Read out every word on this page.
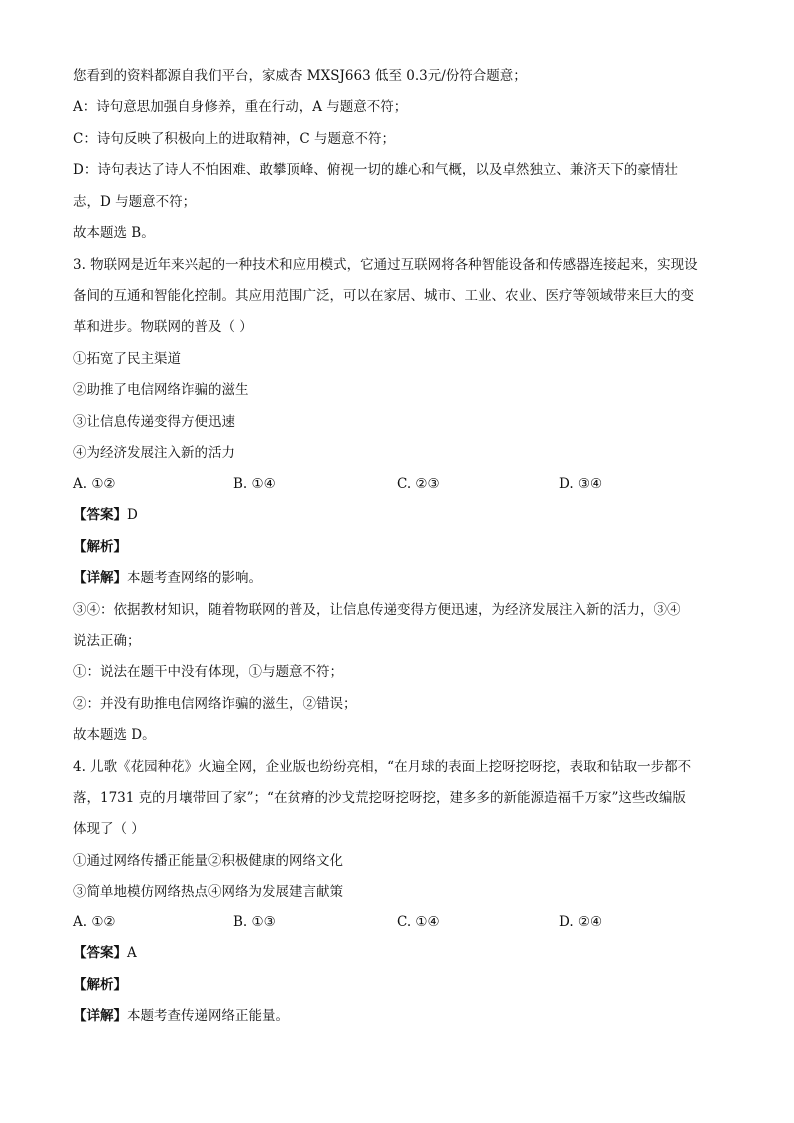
您看到的资料都源自我们平台，家威杏 MXSJ663 低至 0.3元/份符合题意；
A：诗句意思加强自身修养，重在行动，A 与题意不符；
C：诗句反映了积极向上的进取精神，C 与题意不符；
D：诗句表达了诗人不怕困难、敢攀顶峰、俯视一切的雄心和气概，以及卓然独立、兼济天下的豪情壮
志，D 与题意不符；
故本题选 B。
3. 物联网是近年来兴起的一种技术和应用模式，它通过互联网将各种智能设备和传感器连接起来，实现设
备间的互通和智能化控制。其应用范围广泛，可以在家居、城市、工业、农业、医疗等领域带来巨大的变
革和进步。物联网的普及（ ）
①拓宽了民主渠道
②助推了电信网络诈骗的滋生
③让信息传递变得方便迅速
④为经济发展注入新的活力
A. ①②	B. ①④	C. ②③	D. ③④
【答案】D
【解析】
【详解】本题考查网络的影响。
③④：依据教材知识，随着物联网的普及，让信息传递变得方便迅速，为经济发展注入新的活力，③④
说法正确；
①：说法在题干中没有体现，①与题意不符；
②：并没有助推电信网络诈骗的滋生，②错误；
故本题选 D。
4. 儿歌《花园种花》火遍全网，企业版也纷纷亮相，“在月球的表面上挖呀挖呀挖，表取和钻取一步都不
落，1731 克的月壤带回了家”；“在贫瘠的沙戈荒挖呀挖呀挖，建多多的新能源造福千万家”这些改编版
体现了（ ）
①通过网络传播正能量②积极健康的网络文化
③简单地模仿网络热点④网络为发展建言献策
A. ①②	B. ①③	C. ①④	D. ②④
【答案】A
【解析】
【详解】本题考查传递网络正能量。
